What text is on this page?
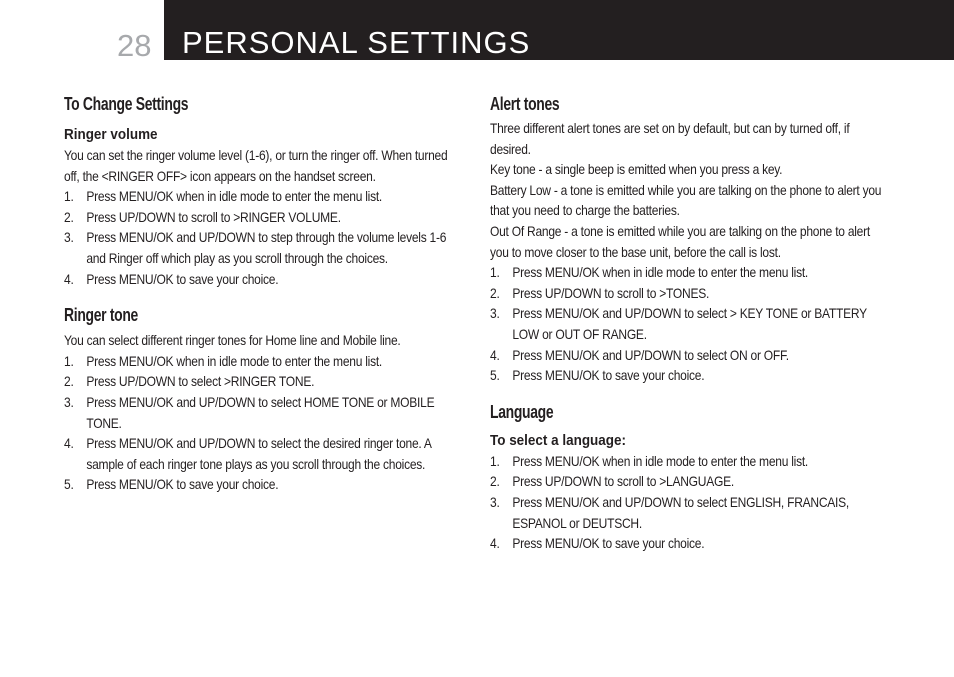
28 PERSONAL SETTINGS
To Change Settings
Ringer volume

You can set the ringer volume level (1-6), or turn the ringer off. When turned off, the <RINGER OFF> icon appears on the handset screen.

1. Press MENU/OK when in idle mode to enter the menu list.
2. Press UP/DOWN to scroll to >RINGER VOLUME.
3. Press MENU/OK and UP/DOWN to step through the volume levels 1-6 and Ringer off which play as you scroll through the choices.
4. Press MENU/OK to save your choice.
Ringer tone

You can select different ringer tones for Home line and Mobile line.

1. Press MENU/OK when in idle mode to enter the menu list.
2. Press UP/DOWN to select >RINGER TONE.
3. Press MENU/OK and UP/DOWN to select HOME TONE or MOBILE TONE.
4. Press MENU/OK and UP/DOWN to select the desired ringer tone. A sample of each ringer tone plays as you scroll through the choices.
5. Press MENU/OK to save your choice.
Alert tones

Three different alert tones are set on by default, but can by turned off, if desired.

Key tone - a single beep is emitted when you press a key.

Battery Low - a tone is emitted while you are talking on the phone to alert you that you need to charge the batteries.

Out Of Range - a tone is emitted while you are talking on the phone to alert you to move closer to the base unit, before the call is lost.

1. Press MENU/OK when in idle mode to enter the menu list.
2. Press UP/DOWN to scroll to >TONES.
3. Press MENU/OK and UP/DOWN to select > KEY TONE or BATTERY LOW or OUT OF RANGE.
4. Press MENU/OK and UP/DOWN to select ON or OFF.
5. Press MENU/OK to save your choice.
Language
To select a language:
1. Press MENU/OK when in idle mode to enter the menu list.
2. Press UP/DOWN to scroll to >LANGUAGE.
3. Press MENU/OK and UP/DOWN to select ENGLISH, FRANCAIS, ESPANOL or DEUTSCH.
4. Press MENU/OK to save your choice.
